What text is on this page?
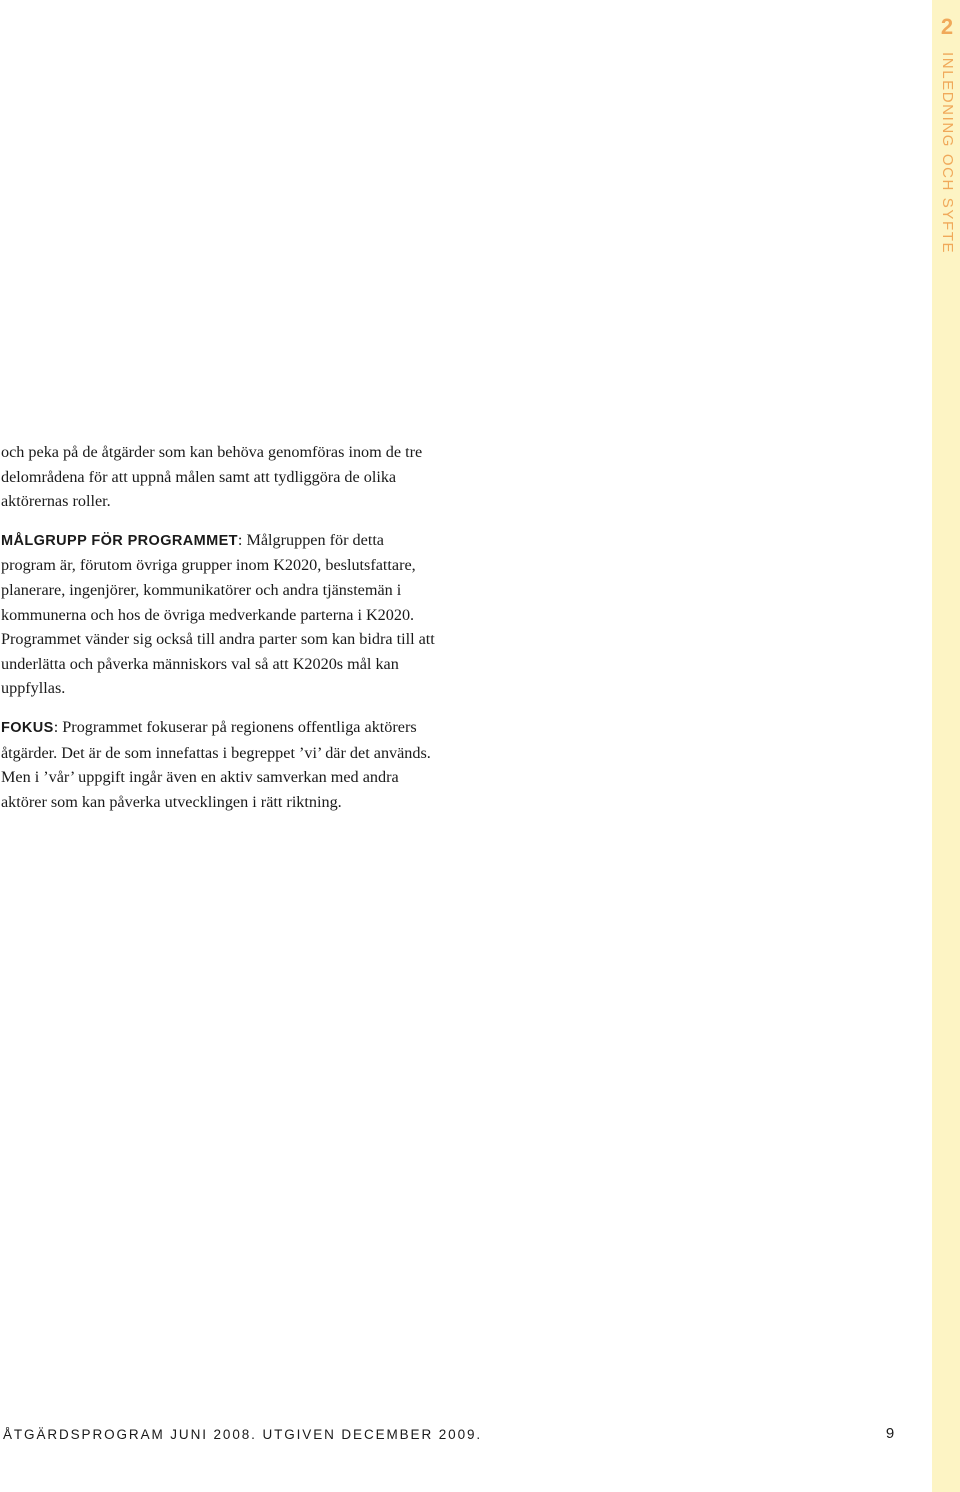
2
INLEDNING OCH SYFTE

och peka på de åtgärder som kan behöva genomföras inom de tre delområdena för att uppnå målen samt att tydliggöra de olika aktörernas roller.

MÅLGRUPP FÖR PROGRAMMET: Målgruppen för detta program är, förutom övriga grupper inom K2020, beslutsfattare, planerare, ingenjörer, kommunikatörer och andra tjänstemän i kommunerna och hos de övriga medverkande parterna i K2020. Programmet vänder sig också till andra parter som kan bidra till att underlätta och påverka människors val så att K2020s mål kan uppfyllas.

FOKUS: Programmet fokuserar på regionens offentliga aktörers åtgärder. Det är de som innefattas i begreppet ’vi’ där det används. Men i ’vår’ uppgift ingår även en aktiv samverkan med andra aktörer som kan påverka utvecklingen i rätt riktning.

ÅTGÄRDSPROGRAM JUNI 2008. UTGIVEN DECEMBER 2009.	9
